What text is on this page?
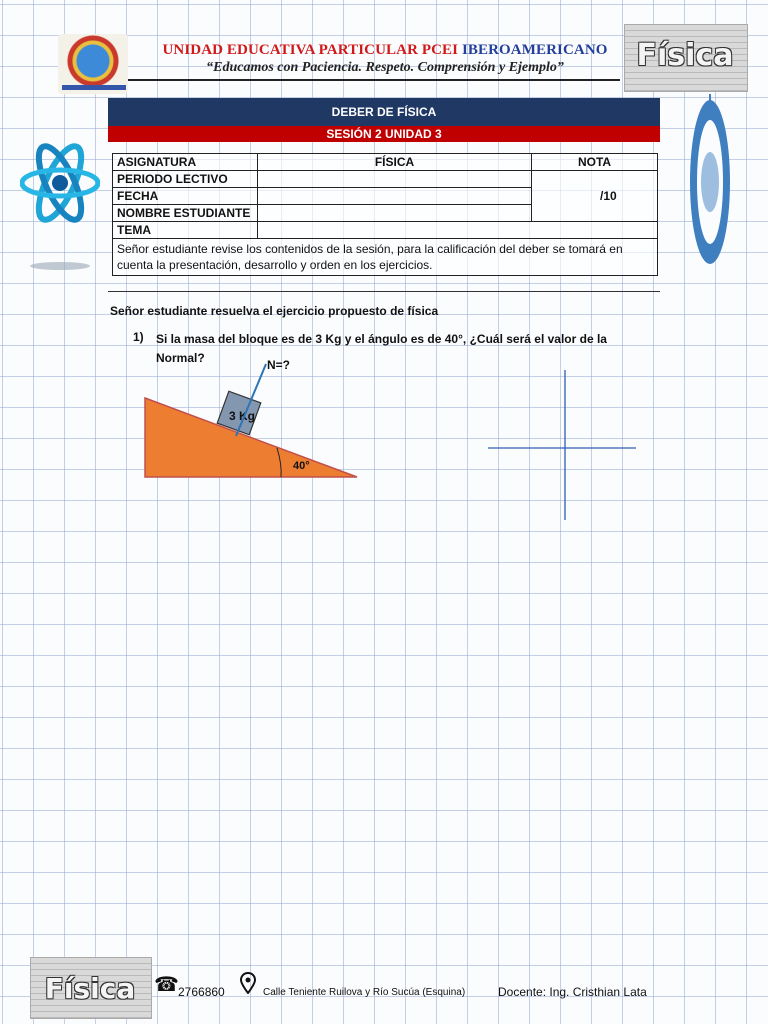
UNIDAD EDUCATIVA PARTICULAR PCEI IBEROAMERICANO
“Educamos con Paciencia. Respeto. Comprensión y Ejemplo”	Física
DEBER DE FÍSICA
SESIÓN 2 UNIDAD 3
ASIGNATURA	FÍSICA	NOTA
PERIODO LECTIVO		/10
FECHA		
NOMBRE ESTUDIANTE		
TEMA		
Señor estudiante revise los contenidos de la sesión, para la calificación del deber se tomará en cuenta la presentación, desarrollo y orden en los ejercicios.		
Señor estudiante resuelva el ejercicio propuesto de física
1) Si la masa del bloque es de 3 Kg y el ángulo es de 40°, ¿Cuál será el valor de la Normal?
3 Kg
N=?
40°
Física ☎ 2766860	Calle Teniente Ruilova y Río Sucúa (Esquina)	Docente: Ing. Cristhian Lata
